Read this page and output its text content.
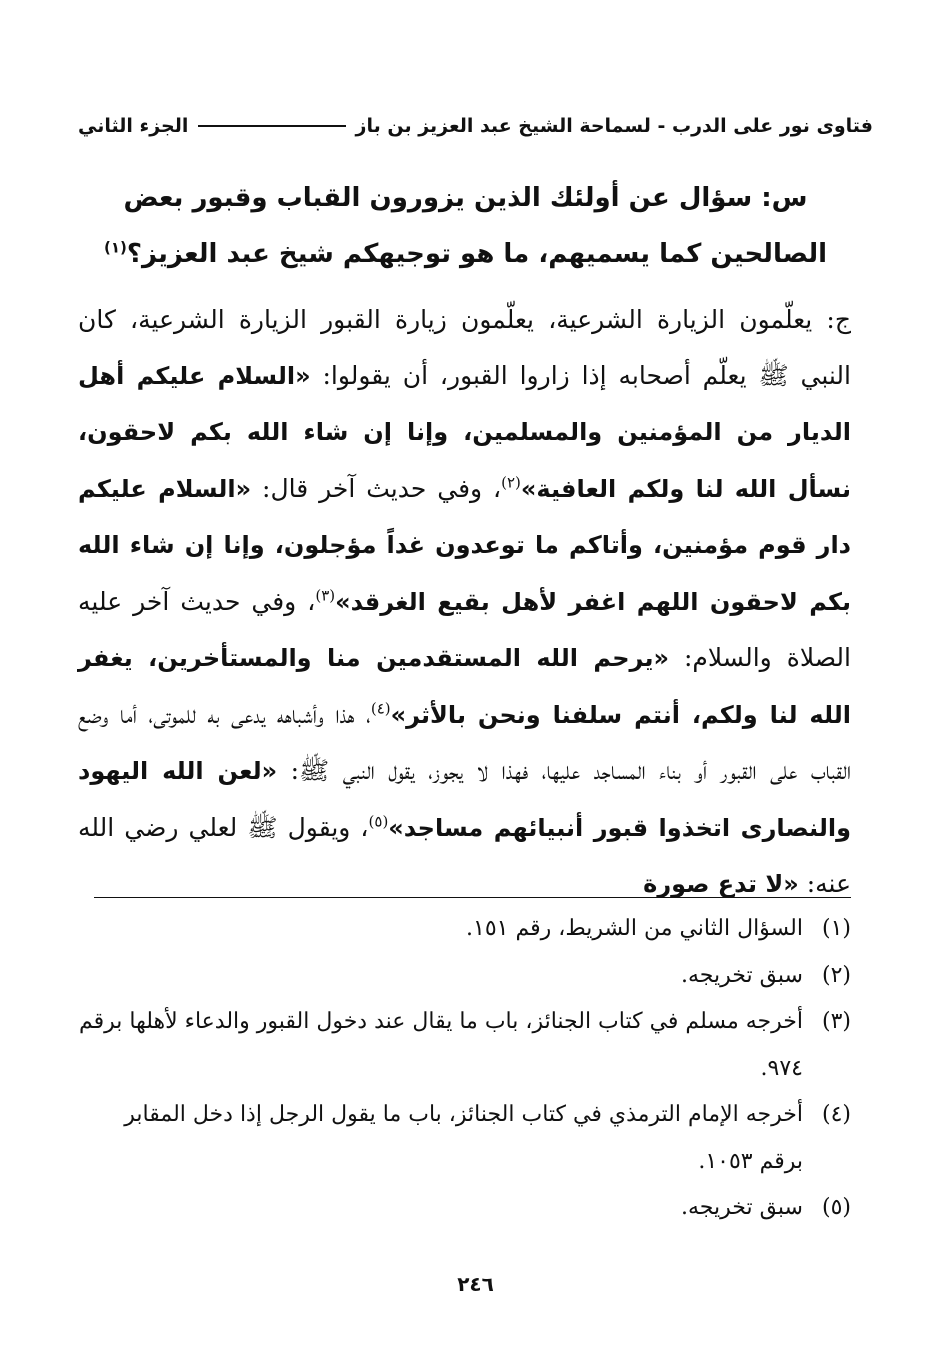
فتاوى نور على الدرب - لسماحة الشيخ عبد العزيز بن باز
الجزء الثاني
س: سؤال عن أولئك الذين يزورون القباب وقبور بعض الصالحين كما يسميهم، ما هو توجيهكم شيخ عبد العزيز؟$^{(١)}$
ج: يعلّمون الزيارة الشرعية، يعلّمون زيارة القبور الزيارة الشرعية، كان النبي ﷺ يعلّم أصحابه إذا زاروا القبور، أن يقولوا: «السلام عليكم أهل الديار من المؤمنين والمسلمين، وإنا إن شاء الله بكم لاحقون، نسأل الله لنا ولكم العافية»$^{(٢)}$، وفي حديث آخر قال: «السلام عليكم دار قوم مؤمنين، وأتاكم ما توعدون غداً مؤجلون، وإنا إن شاء الله بكم لاحقون اللهم اغفر لأهل بقيع الغرقد»$^{(٣)}$، وفي حديث آخر عليه الصلاة والسلام: «يرحم الله المستقدمين منا والمستأخرين، يغفر الله لنا ولكم، أنتم سلفنا ونحن بالأثر»$^{(٤)}$، هذا وأشباهه يدعى به للموتى، أما وضع القباب على القبور أو بناء المساجد عليها، فهذا لا يجوز، يقول النبي ﷺ: «لعن الله اليهود والنصارى اتخذوا قبور أنبيائهم مساجد»$^{(٥)}$، ويقول ﷺ لعلي رضي الله عنه: «لا تدع صورة
(١)
السؤال الثاني من الشريط، رقم ١٥١.
(٢)
سبق تخريجه.
(٣)
أخرجه مسلم في كتاب الجنائز، باب ما يقال عند دخول القبور والدعاء لأهلها برقم ٩٧٤.
(٤)
أخرجه الإمام الترمذي في كتاب الجنائز، باب ما يقول الرجل إذا دخل المقابر برقم ١٠٥٣.
(٥)
سبق تخريجه.
٢٤٦
